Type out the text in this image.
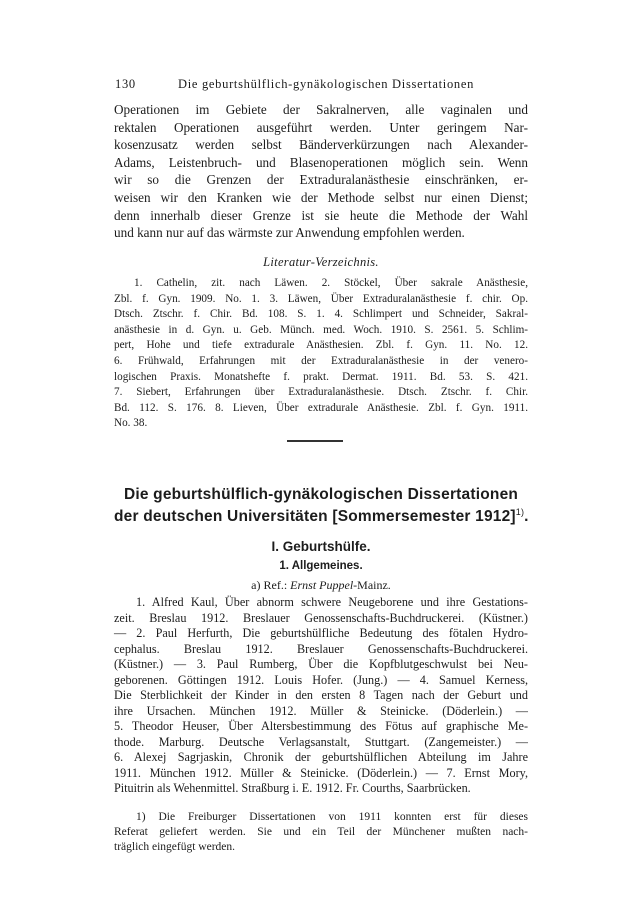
130	Die geburtshülflich-gynäkologischen Dissertationen
Operationen im Gebiete der Sakralnerven, alle vaginalen und
rektalen Operationen ausgeführt werden. Unter geringem Nar-
kosenzusatz werden selbst Bänderverkürzungen nach Alexander-
Adams, Leistenbruch- und Blasenoperationen möglich sein. Wenn
wir so die Grenzen der Extraduralanästhesie einschränken, er-
weisen wir den Kranken wie der Methode selbst nur einen Dienst;
denn innerhalb dieser Grenze ist sie heute die Methode der Wahl
und kann nur auf das wärmste zur Anwendung empfohlen werden.
Literatur-Verzeichnis.
1. Cathelin, zit. nach Läwen. 2. Stöckel, Über sakrale Anästhesie,
Zbl. f. Gyn. 1909. No. 1. 3. Läwen, Über Extraduralanästhesie f. chir. Op.
Dtsch. Ztschr. f. Chir. Bd. 108. S. 1. 4. Schlimpert und Schneider, Sakral-
anästhesie in d. Gyn. u. Geb. Münch. med. Woch. 1910. S. 2561. 5. Schlim-
pert, Hohe und tiefe extradurale Anästhesien. Zbl. f. Gyn. 11. No. 12.
6. Frühwald, Erfahrungen mit der Extraduralanästhesie in der venero-
logischen Praxis. Monatshefte f. prakt. Dermat. 1911. Bd. 53. S. 421.
7. Siebert, Erfahrungen über Extraduralanästhesie. Dtsch. Ztschr. f. Chir.
Bd. 112. S. 176. 8. Lieven, Über extradurale Anästhesie. Zbl. f. Gyn. 1911.
No. 38.
Die geburtshülflich-gynäkologischen Dissertationen
der deutschen Universitäten [Sommersemester 1912]$^{1)}$.
I. Geburtshülfe.
1. Allgemeines.
a) Ref.: Ernst Puppel-Mainz.
1. Alfred Kaul, Über abnorm schwere Neugeborene und ihre Gestations-
zeit. Breslau 1912. Breslauer Genossenschafts-Buchdruckerei. (Küstner.)
— 2. Paul Herfurth, Die geburtshülfliche Bedeutung des fötalen Hydro-
cephalus. Breslau 1912. Breslauer Genossenschafts-Buchdruckerei.
(Küstner.) — 3. Paul Rumberg, Über die Kopfblutgeschwulst bei Neu-
geborenen. Göttingen 1912. Louis Hofer. (Jung.) — 4. Samuel Kerness,
Die Sterblichkeit der Kinder in den ersten 8 Tagen nach der Geburt und
ihre Ursachen. München 1912. Müller & Steinicke. (Döderlein.) —
5. Theodor Heuser, Über Altersbestimmung des Fötus auf graphische Me-
thode. Marburg. Deutsche Verlagsanstalt, Stuttgart. (Zangemeister.) —
6. Alexej Sagrjaskin, Chronik der geburtshülflichen Abteilung im Jahre
1911. München 1912. Müller & Steinicke. (Döderlein.) — 7. Ernst Mory,
Pituitrin als Wehenmittel. Straßburg i. E. 1912. Fr. Courths, Saarbrücken.
1) Die Freiburger Dissertationen von 1911 konnten erst für dieses
Referat geliefert werden. Sie und ein Teil der Münchener mußten nach-
träglich eingefügt werden.
